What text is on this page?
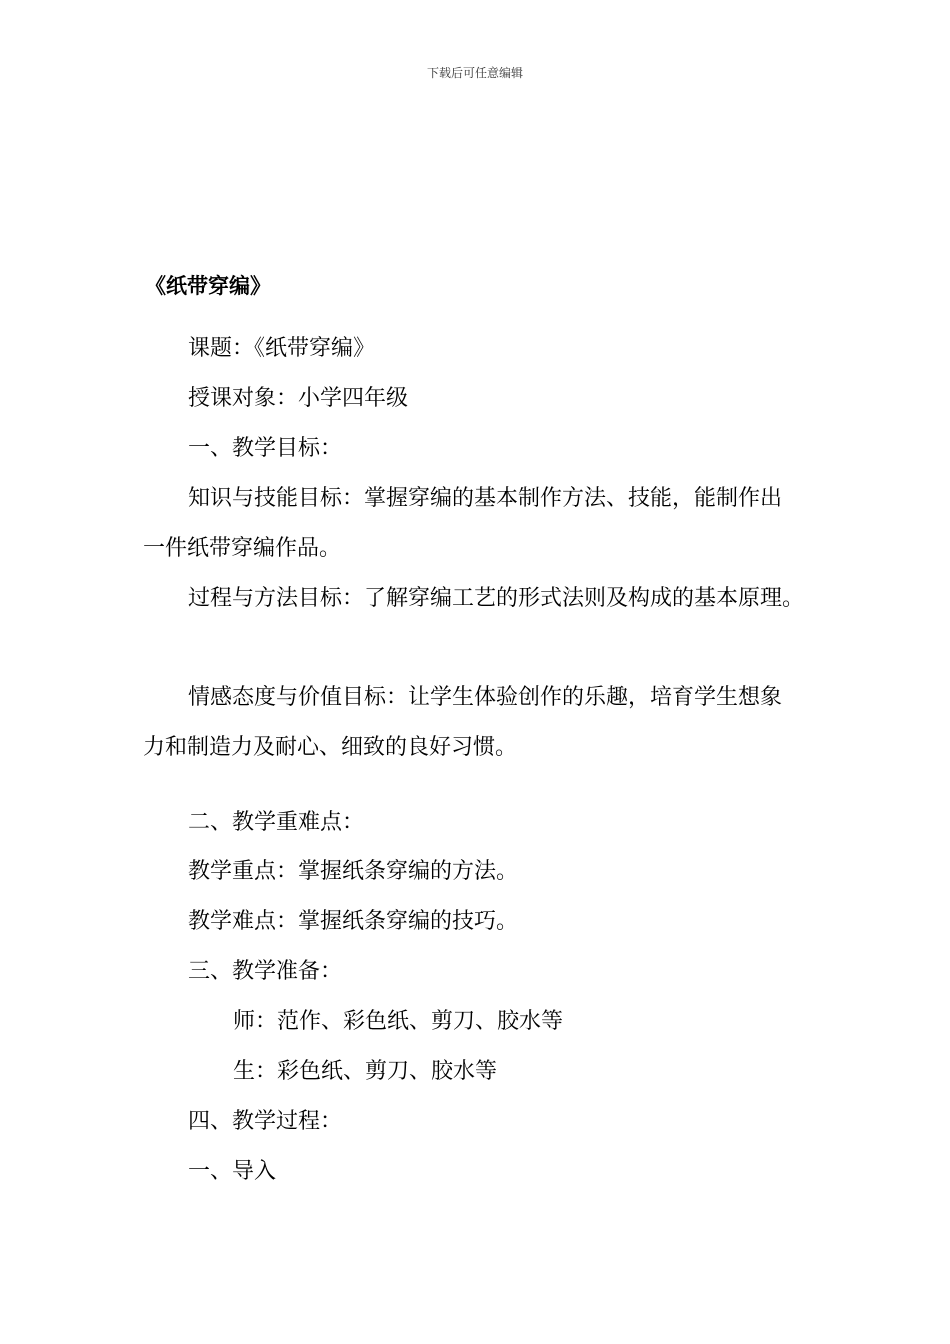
下载后可任意编辑
《纸带穿编》
课题：《纸带穿编》
授课对象：小学四年级
一、教学目标：
知识与技能目标：掌握穿编的基本制作方法、技能，能制作出
一件纸带穿编作品。
过程与方法目标：了解穿编工艺的形式法则及构成的基本原理。
情感态度与价值目标：让学生体验创作的乐趣，培育学生想象
力和制造力及耐心、细致的良好习惯。
二、教学重难点：
教学重点：掌握纸条穿编的方法。
教学难点：掌握纸条穿编的技巧。
三、教学准备：
师：范作、彩色纸、剪刀、胶水等
生：彩色纸、剪刀、胶水等
四、教学过程：
一、导入
